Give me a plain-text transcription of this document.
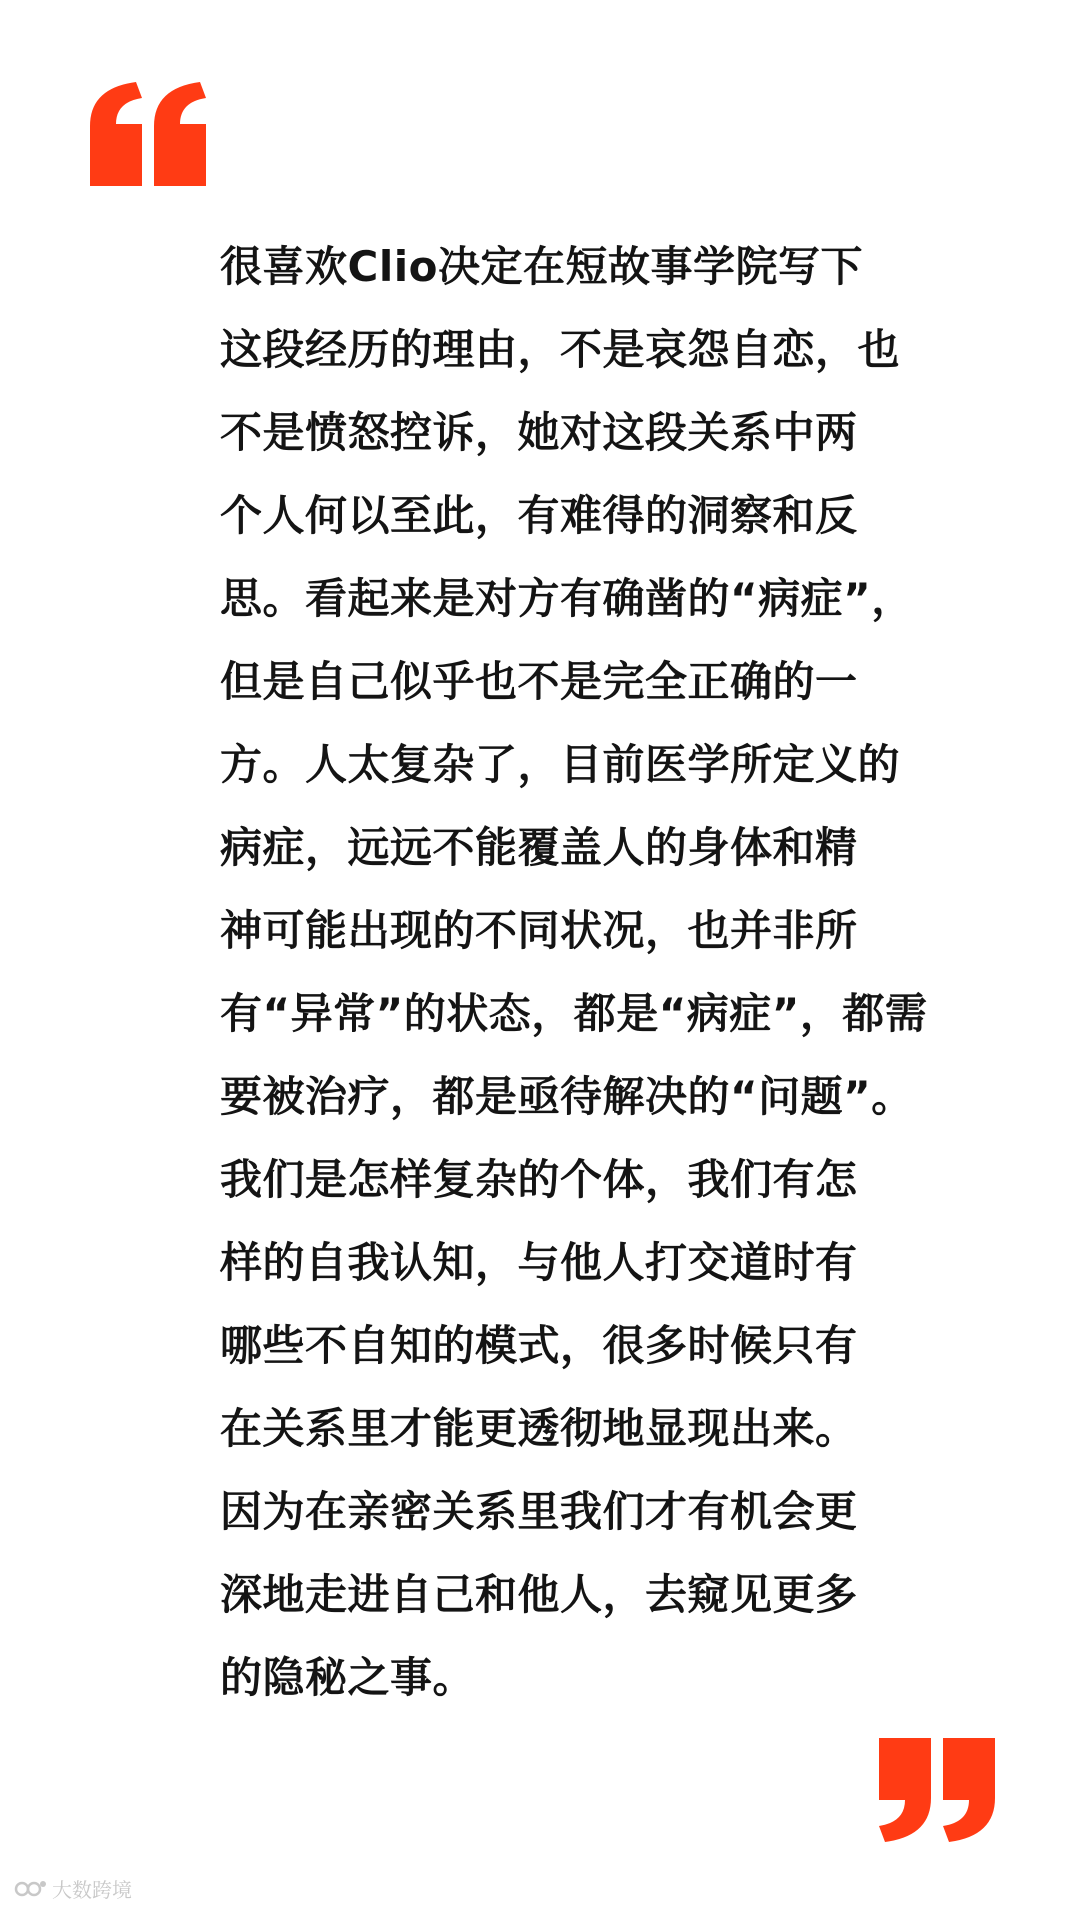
很喜欢Clio决定在短故事学院写下
这段经历的理由，不是哀怨自恋，也
不是愤怒控诉，她对这段关系中两
个人何以至此，有难得的洞察和反
思。看起来是对方有确凿的“病症”，
但是自己似乎也不是完全正确的一
方。人太复杂了，目前医学所定义的
病症，远远不能覆盖人的身体和精
神可能出现的不同状况，也并非所
有“异常”的状态，都是“病症”，都需
要被治疗，都是亟待解决的“问题”。
我们是怎样复杂的个体，我们有怎
样的自我认知，与他人打交道时有
哪些不自知的模式，很多时候只有
在关系里才能更透彻地显现出来。
因为在亲密关系里我们才有机会更
深地走进自己和他人，去窥见更多
的隐秘之事。
大数跨境
